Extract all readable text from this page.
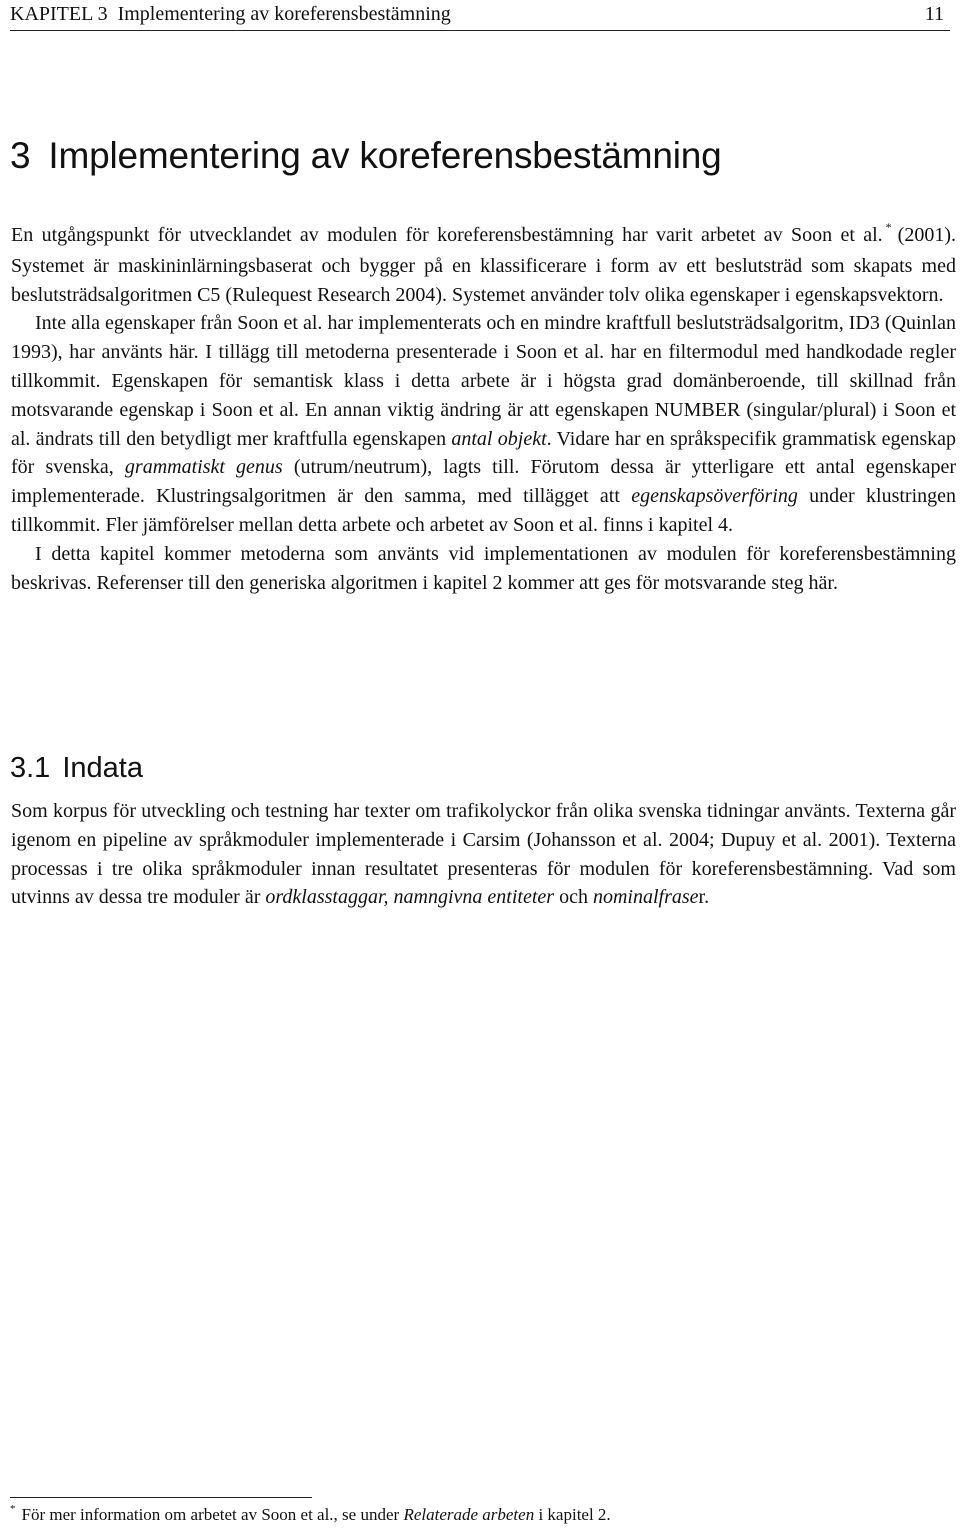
KAPITEL 3  Implementering av koreferensbestämning	11
3 Implementering av koreferensbestämning

En utgångspunkt för utvecklandet av modulen för koreferensbestämning har varit arbetet av Soon et al. * (2001). Systemet är maskininlärningsbaserat och bygger på en klassificerare i form av ett beslutsträd som skapats med beslutsträdsalgoritmen C5 (Rulequest Research 2004). Systemet använder tolv olika egenskaper i egenskapsvektorn.

Inte alla egenskaper från Soon et al. har implementerats och en mindre kraftfull beslutsträdsalgoritm, ID3 (Quinlan 1993), har använts här. I tillägg till metoderna presenterade i Soon et al. har en filtermodul med handkodade regler tillkommit. Egenskapen för semantisk klass i detta arbete är i högsta grad domänberoende, till skillnad från motsvarande egenskap i Soon et al. En annan viktig ändring är att egenskapen NUMBER (singular/plural) i Soon et al. ändrats till den betydligt mer kraftfulla egenskapen antal objekt. Vidare har en språkspecifik grammatisk egenskap för svenska, grammatiskt genus (utrum/neutrum), lagts till. Förutom dessa är ytterligare ett antal egenskaper implementerade. Klustringsalgoritmen är den samma, med tillägget att egenskapsöverföring under klustringen tillkommit. Fler jämförelser mellan detta arbete och arbetet av Soon et al. finns i kapitel 4.

I detta kapitel kommer metoderna som använts vid implementationen av modulen för koreferensbestämning beskrivas. Referenser till den generiska algoritmen i kapitel 2 kommer att ges för motsvarande steg här.

3.1 Indata

Som korpus för utveckling och testning har texter om trafikolyckor från olika svenska tidningar använts. Texterna går igenom en pipeline av språkmoduler implementerade i Carsim (Johansson et al. 2004; Dupuy et al. 2001). Texterna processas i tre olika språkmoduler innan resultatet presenteras för modulen för koreferensbestämning. Vad som utvinns av dessa tre moduler är ordklasstaggar, namngivna entiteter och nominalfraser.

* För mer information om arbetet av Soon et al., se under Relaterade arbeten i kapitel 2.
